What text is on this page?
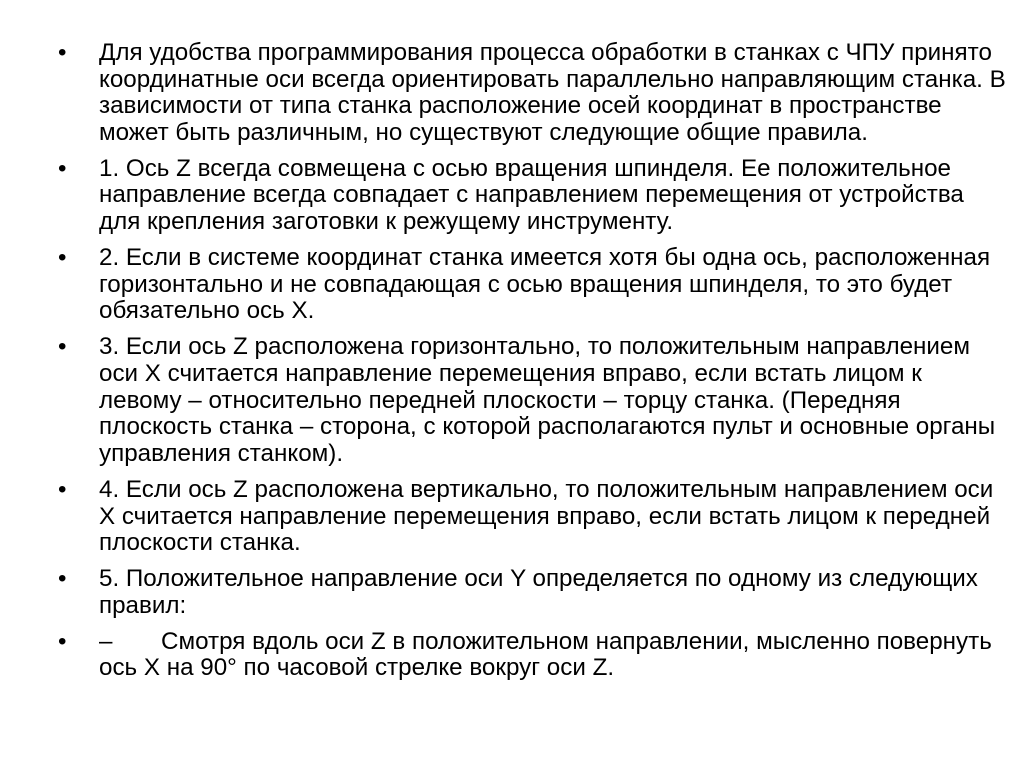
•	Для удобства программирования процесса обработки в станках с ЧПУ принято координатные оси всегда ориентировать параллельно направляющим станка. В зависимости от типа станка расположение осей координат в пространстве может быть различным, но существуют следующие общие правила.
•	1. Ось Z всегда совмещена с осью вращения шпинделя. Ее положительное направление всегда совпадает с направлением перемещения от устройства для крепления заготовки к режущему инструменту.
•	2. Если в системе координат станка имеется хотя бы одна ось, расположенная горизонтально и не совпадающая с осью вращения шпинделя, то это будет обязательно ось Х.
•	3. Если ось Z расположена горизонтально, то положительным направлением оси Х считается направление перемещения вправо, если встать лицом к левому – относительно передней плоскости – торцу станка. (Передняя плоскость станка – сторона, с которой располагаются пульт и основные органы управления станком).
•	4. Если ось Z расположена вертикально, то положительным направлением оси Х считается направление перемещения вправо, если встать лицом к передней плоскости станка.
•	5. Положительное направление оси Y определяется по одному из следующих правил:
•	– Смотря вдоль оси Z в положительном направлении, мысленно повернуть ось Х на 90° по часовой стрелке вокруг оси Z.
